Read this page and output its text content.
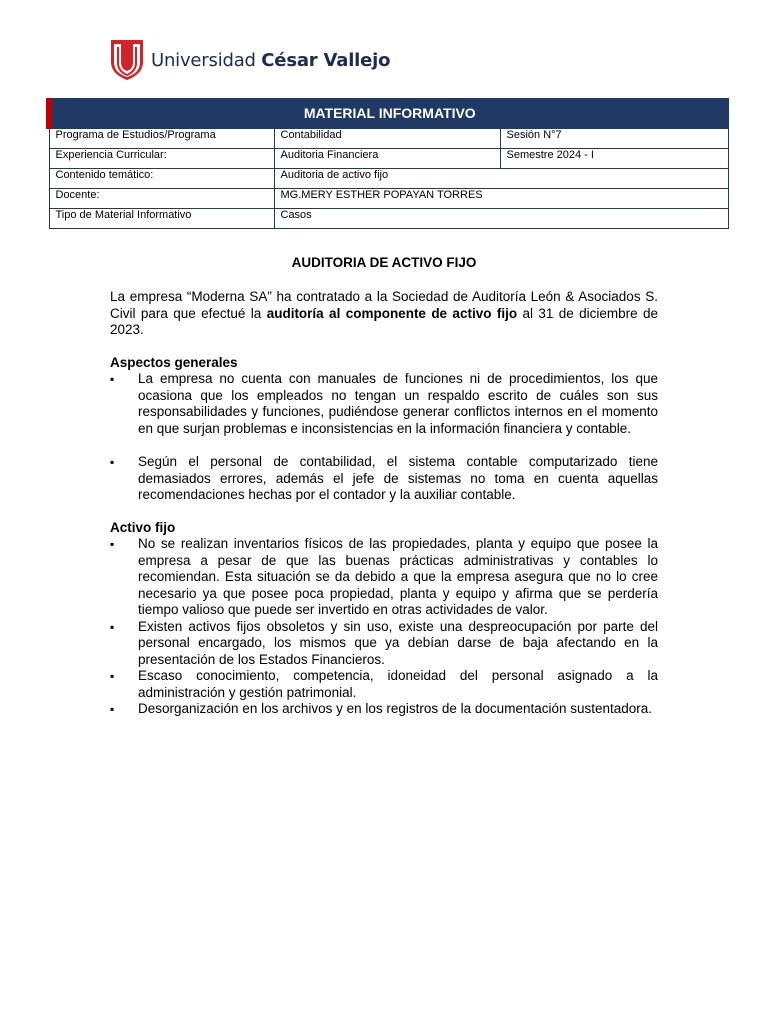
Universidad César Vallejo
MATERIAL INFORMATIVO		
Programa de Estudios/Programa	Contabilidad	Sesión N°7
Experiencia Curricular:	Auditoria Financiera	Semestre 2024 - I
Contenido temático:	Auditoria de activo fijo	
Docente:	MG.MERY ESTHER POPAYAN TORRES	
Tipo de Material Informativo	Casos	
AUDITORIA DE ACTIVO FIJO

La empresa “Moderna SA” ha contratado a la Sociedad de Auditoría León & Asociados S. Civil para que efectué la auditoría al componente de activo fijo al 31 de diciembre de 2023.

Aspectos generales

▪ La empresa no cuenta con manuales de funciones ni de procedimientos, los que ocasiona que los empleados no tengan un respaldo escrito de cuáles son sus responsabilidades y funciones, pudiéndose generar conflictos internos en el momento en que surjan problemas e inconsistencias en la información financiera y contable.
▪ Según el personal de contabilidad, el sistema contable computarizado tiene demasiados errores, además el jefe de sistemas no toma en cuenta aquellas recomendaciones hechas por el contador y la auxiliar contable.

Activo fijo

▪ No se realizan inventarios físicos de las propiedades, planta y equipo que posee la empresa a pesar de que las buenas prácticas administrativas y contables lo recomiendan. Esta situación se da debido a que la empresa asegura que no lo cree necesario ya que posee poca propiedad, planta y equipo y afirma que se perdería tiempo valioso que puede ser invertido en otras actividades de valor.
▪ Existen activos fijos obsoletos y sin uso, existe una despreocupación por parte del personal encargado, los mismos que ya debían darse de baja afectando en la presentación de los Estados Financieros.
▪ Escaso conocimiento, competencia, idoneidad del personal asignado a la administración y gestión patrimonial.
▪ Desorganización en los archivos y en los registros de la documentación sustentadora.
